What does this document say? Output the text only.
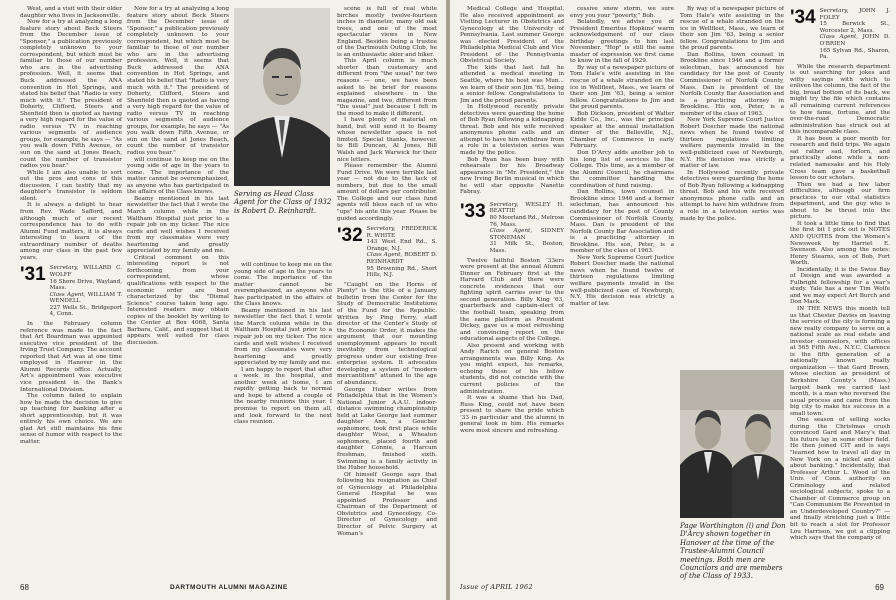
West, and a visit with their older daughter who lives in Jacksonville.

Now for a try at analyzing a long feature story about Beck Steers from the December issue of "Sponsor," a publication previously completely unknown to your correspondent, but which must be familiar to those of our number who are in the advertising profession. Well, it seems that Buck addressed the ANA convention in Hot Springs, and stated his belief that "Radio is very much with it." The president of Doherty, Clifford, Steers and Shenfield then is quoted as having a very high regard for the value of radio versus TV in reaching various segments of audience groups, for example, he says — "As you walk down Fifth Avenue, or sun on the sand at Jones Beach, count the number of transistor radios you hear."

While I am also unable to sort out the pros and cons of this discussion, I can testify that my daughter’s transistor is seldom silent.

It is always a delight to hear from Rev. Wade Safford, and although much of our recent correspondence has to do with Alumni Fund matters, it is always interesting to learn of the extraordinary number of deaths among our class in the past few years.

'31 Secretary, WILLARD C. WOLFF
16 Shore Drive, Wayland, Mass.
Class Agent, WILLIAM T. WENDELL
227 Wells St., Bridgeport 4, Conn.

In the February column reference was made to the fact that Art Boardman was appointed executive vice president of the Irving Trust Company. The account reported that Art was at one time employed in Hanover in the Alumni Records office. Actually, Art’s appointment was executive vice president in the Bank’s International Division.

The column failed to explain how he made the decision to give up teaching for banking after a short apprenticeship, but it was entirely his own choice. We are glad Art still maintains his fine sense of humor with respect to the matter.

Now for a try at analyzing a long feature story about Beck Steers from the December issue of "Sponsor," a publication previously completely unknown to your correspondent, but which must be familiar to those of our number who are in the advertising profession. Well, it seems that Buck addressed the ANA convention in Hot Springs, and stated his belief that "Radio is very much with it." The president of Doherty, Clifford, Steers and Shenfield then is quoted as having a very high regard for the value of radio versus TV in reaching various segments of audience groups, for example, he says — "As you walk down Fifth Avenue, or sun on the sand at Jones Beach, count the number of transistor radios you hear."

will continue to keep me on the young side of age in the years to come. The importance of the matter cannot be overemphasized, as anyone who has participated in the affairs of the Class knows.

Beamy mentioned in his last newsletter the fact that I wrote the March column while in the Waltham Hospital just prior to a repair job on my ticker. The nice cards and well wishes I received from my classmates were very heartening and greatly appreciated by my family and me.

Critical comment on this interesting report is not forthcoming from your correspondent, whose qualifications with respect to the economic order are best characterized by the "Dismal Science" course taken long ago. Interested readers may obtain copies of the booklet by writing to the Center at Box 4068, Santa Barbara, Calif., and suggest that it appears well suited for class discussion.

Serving as Head Class Agent for the Class of 1932 is Robert D. Reinhardt.

will continue to keep me on the young side of age in the years to come. The importance of the matter cannot be overemphasized, as anyone who has participated in the affairs of the Class knows.

Beamy mentioned in his last newsletter the fact that I wrote the March column while in the Waltham Hospital just prior to a repair job on my ticker. The nice cards and well wishes I received from my classmates were very heartening and greatly appreciated by my family and me.

I am happy to report that after a week in the hospital, and another week at home, I am rapidly getting back to normal and hope to attend a couple of the nearby reunions this year. I promise to report on them all, and look forward to the next class reunion.

scene is full of real white birches mostly twelve-fourteen inches in diameter, many old oak trees, and one of the most spectacular views in New England. Besides being a trustee of the Dartmouth Outing Club, he is an enthusiastic skier and hiker.

This April column is much shorter than customary and different from "the usual" for two reasons — one, we have been asked to be brief for reasons explained elsewhere in the magazine, and two, different from "the usual" just because I felt in the mood to make it different.

I have plenty of material on hand, but will send it to Beamy whose newsletter space is not limited. Special thanks, however, to Bill Duncan, Al Jones, Bill Walsh and Jack Warwick for their nice letters.

Please remember the Alumni Fund Drive. We were terrible last year — not due to the lack of numbers, but due to the small amount of dollars per contributor. The College and our class fund agents will bless each of us who "ups" his ante this year. Please be guided accordingly.

'32 Secretary, FREDERICK R. WHITE
143 West End Rd., S. Orange, N.J.
Class Agent, ROBERT D. REINHARDT
95 Browning Rd., Short Hills, N.J.

"Caught on the Horns of Plenty" is the title of a January bulletin from the Center for the Study of Democratic Institutions of the Fund for the Republic. Written by Ping Ferry, staff director of the Center’s Study of the Economic Order, it makes the argument that our mounting unemployment appears to result inevitably from technological progress under our existing free enterprise system. It advocates developing a system of "modern mercantilism" attuned to the age of abundance.

George Huber writes from Philadelphia that in the Women’s National Junior A.A.U. indoor-distance swimming championship held at Lake George last summer daughter Ann, a Goucher sophomore, took first place while daughter Wissi, a Wheaton sophomore, placed fourth and daughter Connie, a Harcum freshman, finished sixth. Swimming is a family activity in the Huber household.

Of himself George says that following his resignation as Chief of Gynecology at Philadelphia General Hospital he was appointed Professor and Chairman of the Department of Obstetrics and Gynecology, Co-Director of Gynecology and Director of Pelvic Surgery at Woman’s

68	DARTMOUTH ALUMNI MAGAZINE

Medical College and Hospital. He also received appointment as Visiting Lecturer in Obstetrics and Gynecology at the University of Pennsylvania. Last summer George was elected President of the Philadelphia Medical Club and Vice President of the Pennsylvania Obstetrical Society.

The kids that last fall he attended a medical meeting in Seattle, where his host was Mun... we learn of their son Jim ’63, being a senior fellow. Congratulations to Jim and the proud parents.

In Hollywood recently private detectives were guarding the home of Bob Ryan following a kidnapping threat. Bob and his wife received anonymous phone calls and an attempt to have him withdraw from a role in a television series was made by the police.

Bob Ryan has been busy with rehearsals for his Broadway appearance in "Mr. President," the new Irving Berlin musical in which he will star opposite Nanette Fabray.

'33 Secretary, WESLEY H. BEATTIE
80 Moorland Rd., Melrose 76, Mass.
Class Agent, SIDNEY STONEMAN
31 Milk St., Boston, Mass.

Twelve faithful Boston ’33ers were present at the annual Alumni Dinner on February first at the Harvard Club and there were concrete evidences that our fighting spirit carries over to the second generation. Billy King ’63, quarterback and captain-elect of the football team, speaking from the same platform as President Dickey, gave us a most refreshing and convincing report on the educational aspects of the College.

Also present and working with Andy Rarich on general Boston arrangements was Billy King. As you might expect, his remarks, echoing those of his fellow students, did not coincide with the current policies of the administration.

It was a shame that his Dad, Russ King, could not have been present to share the pride which ’33 in particular and the alumni in general took in him. His remarks were most sincere and refreshing.

cessive snow storm, we sure envy you your "poverty," Bob.

Belatedly, we advise you of President Emeritus Hopkins’ warm acknowledgement of our class birthday greetings to him last November. "Hop" is still the same master of expression we first came to know in the fall of 1929.

By way of a newspaper picture of Tom Hale’s wife assisting in the rescue of a whale stranded on the ice in Wellfleet, Mass., we learn of their son Jim ’63, being a senior fellow. Congratulations to Jim and the proud parents.

Bob Dickson, president of Walter Kidde Co., Inc., was the principal speaker at the annual installation dinner of the Belleville, N.J., Chamber of Commerce in early February.

Don D’Arcy adds another job to his long list of services to the College. This time, as a member of the Alumni Council, he chairmans the committee handling the coordination of fund raising.

Dan Rollins, town counsel in Brookline since 1946 and a former selectman, has announced his candidacy for the post of County Commissioner of Norfolk County, Mass. Dan is president of the Norfolk County Bar Association and is a practicing attorney in Brookline. His son, Peter, is a member of the class of 1963.

New York Supreme Court Justice Robert Doscher made the national news when he found twelve of thirteen regulations limiting welfare payments invalid in the well-publicized case of Newburgh, N.Y. His decision was strictly a matter of law.

Page Worthington (l) and Don D'Arcy shown together in Hanover at the time of the Trustee-Alumni Council meetings. Both men are Councilors and are members of the Class of 1933.

By way of a newspaper picture of Tom Hale’s wife assisting in the rescue of a whale stranded on the ice in Wellfleet, Mass., we learn of their son Jim ’63, being a senior fellow. Congratulations to Jim and the proud parents.

Dan Rollins, town counsel in Brookline since 1946 and a former selectman, has announced his candidacy for the post of County Commissioner of Norfolk County, Mass. Dan is president of the Norfolk County Bar Association and is a practicing attorney in Brookline. His son, Peter, is a member of the class of 1963.

New York Supreme Court Justice Robert Doscher made the national news when he found twelve of thirteen regulations limiting welfare payments invalid in the well-publicized case of Newburgh, N.Y. His decision was strictly a matter of law.

In Hollywood recently private detectives were guarding the home of Bob Ryan following a kidnapping threat. Bob and his wife received anonymous phone calls and an attempt to have him withdraw from a role in a television series was made by the police.

'34 Secretary, JOHN J. FOLEY
15 Berwick St., Worcester 2, Mass.
Class Agent, JOHN D. O'BRIEN
165 Sylvan Rd., Sharon, Pa.

While the research department is out searching for jokes and witty sayings with which to enliven the column, the fact of the big, broad bottom of its back, we might try the file which contains all remaining current references to how fame, fortune, and the over-the-road Democratic administration has struck out at this incomparable class.

It has been a poor month for research and field trips. We again sat rather sad, forlorn, and practically alone while a non-related namesake and his Holy Cross team gave a basketball lesson to our scholars.

Then we had a few labor difficulties, although our firm practices to our vital statistics department, and the guy who is about to be thrust into the picture.

It took a little time to find that the first bit I pick out is NOTES AND QUOTES from the Women’s Newsweek by Harriet E. Swenson. Also among the notes: Henry Stearns, son of Bob, Fort Worth.

Incidentally, it is the Swiss Bay of Design and was awarded a Fulbright fellowship for a year’s study. Yale has a new Tim Wolfe and we may expect Art Burch and Don Mack.

IN THE NEWS this month tell us that Chester Davies on leaving the service of the city is forming a new realty company to serve on a national scale as real estate and investor counselors, with offices at 565 Fifth Ave., N.Y.C. Clarence is the fifth generation of a nationally known realty organization — that Gard Brown, whose election as president of Berkshire County’s (Mass.) largest bank we carried last month, is a man who reversed the usual process and came from the big city to make his success in a small town.

One season of selling socks during the Christmas crush convinced Gard and Macy’s that his future lay in some other field. He then joined CIT and is says "learned how to travel all day in New York on a nickel and also about banking." Incidentally, that Professor Arthur L. Wood of the Univ. of Conn. authority on Criminology and related sociological subjects, spoke to a Chamber of Commerce group on "Can Communism Be Prevented in an Underdeveloped Country?" — and finally stretching just a little bit to reach a slot for Professor Lou Harrison, we got a clipping which says that the company of

Issue of APRIL 1962	69
